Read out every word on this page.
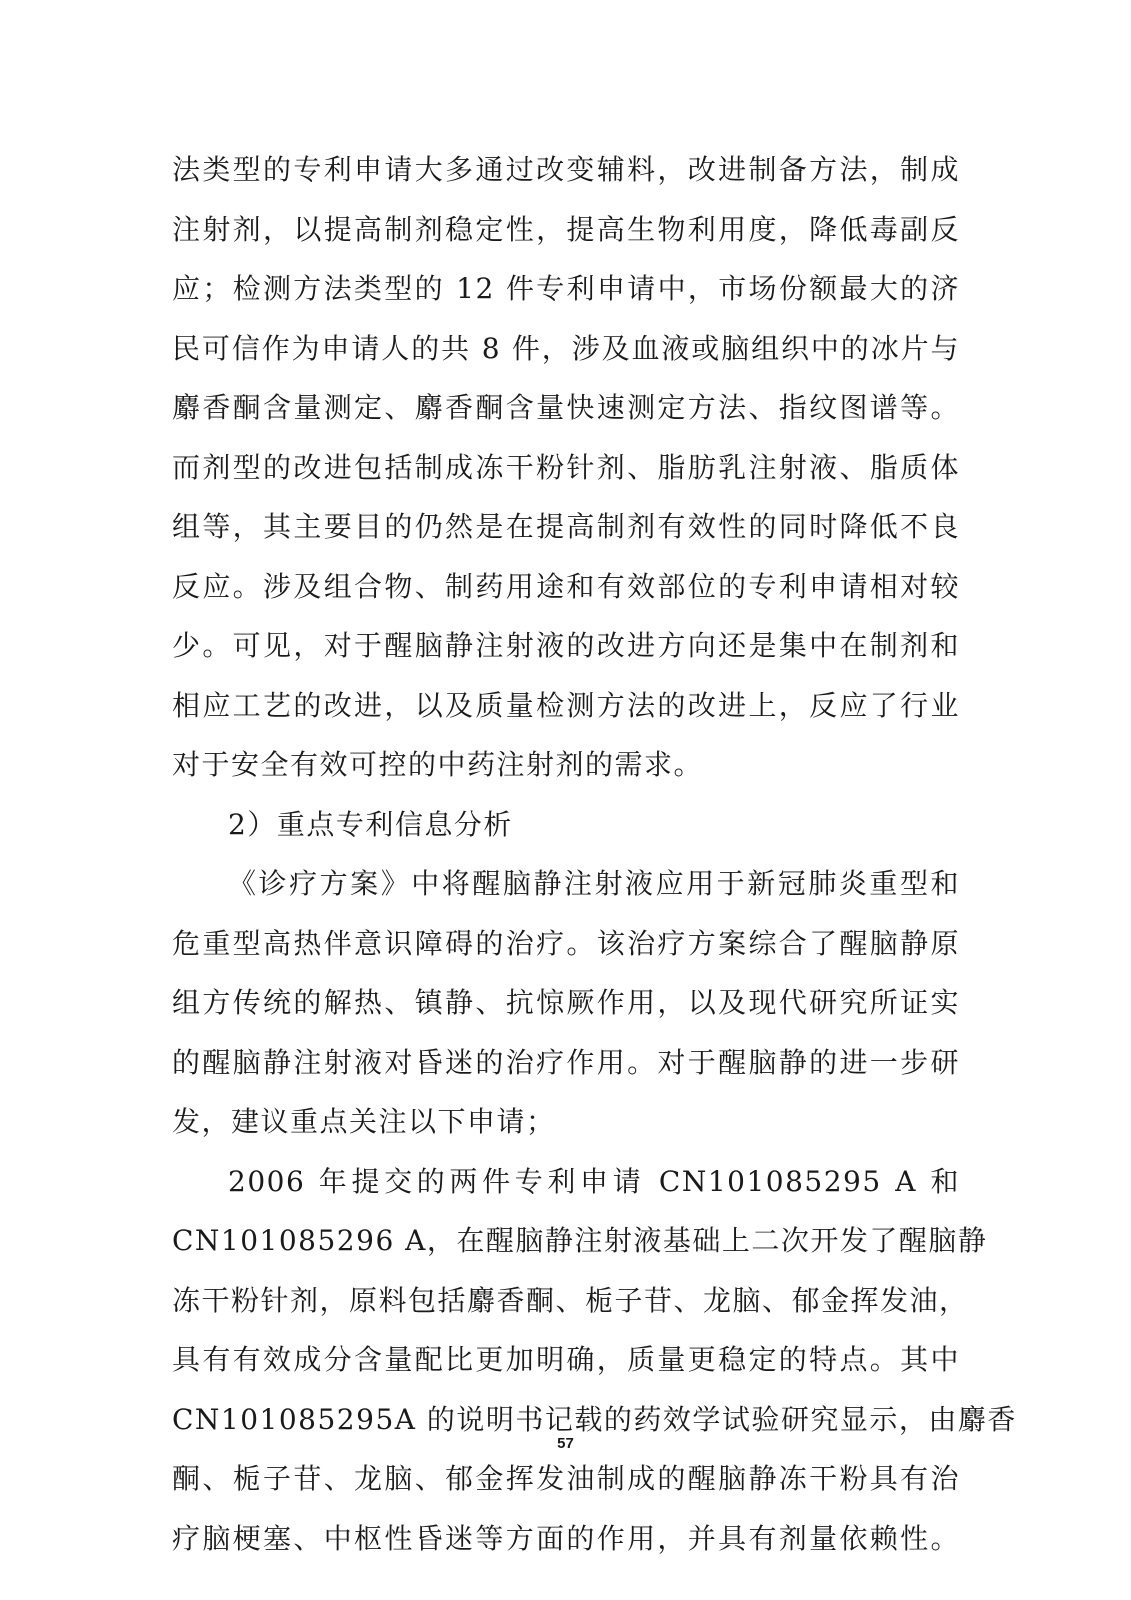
法类型的专利申请大多通过改变辅料，改进制备方法，制成
注射剂，以提高制剂稳定性，提高生物利用度，降低毒副反
应；检测方法类型的 12 件专利申请中，市场份额最大的济
民可信作为申请人的共 8 件，涉及血液或脑组织中的冰片与
麝香酮含量测定、麝香酮含量快速测定方法、指纹图谱等。
而剂型的改进包括制成冻干粉针剂、脂肪乳注射液、脂质体
组等，其主要目的仍然是在提高制剂有效性的同时降低不良
反应。涉及组合物、制药用途和有效部位的专利申请相对较
少。可见，对于醒脑静注射液的改进方向还是集中在制剂和
相应工艺的改进，以及质量检测方法的改进上，反应了行业
对于安全有效可控的中药注射剂的需求。
2）重点专利信息分析
《诊疗方案》中将醒脑静注射液应用于新冠肺炎重型和
危重型高热伴意识障碍的治疗。该治疗方案综合了醒脑静原
组方传统的解热、镇静、抗惊厥作用，以及现代研究所证实
的醒脑静注射液对昏迷的治疗作用。对于醒脑静的进一步研
发，建议重点关注以下申请；
2006 年提交的两件专利申请 CN101085295 A 和
CN101085296 A，在醒脑静注射液基础上二次开发了醒脑静
冻干粉针剂，原料包括麝香酮、栀子苷、龙脑、郁金挥发油，
具有有效成分含量配比更加明确，质量更稳定的特点。其中
CN101085295A 的说明书记载的药效学试验研究显示，由麝香
酮、栀子苷、龙脑、郁金挥发油制成的醒脑静冻干粉具有治
疗脑梗塞、中枢性昏迷等方面的作用，并具有剂量依赖性。
57
